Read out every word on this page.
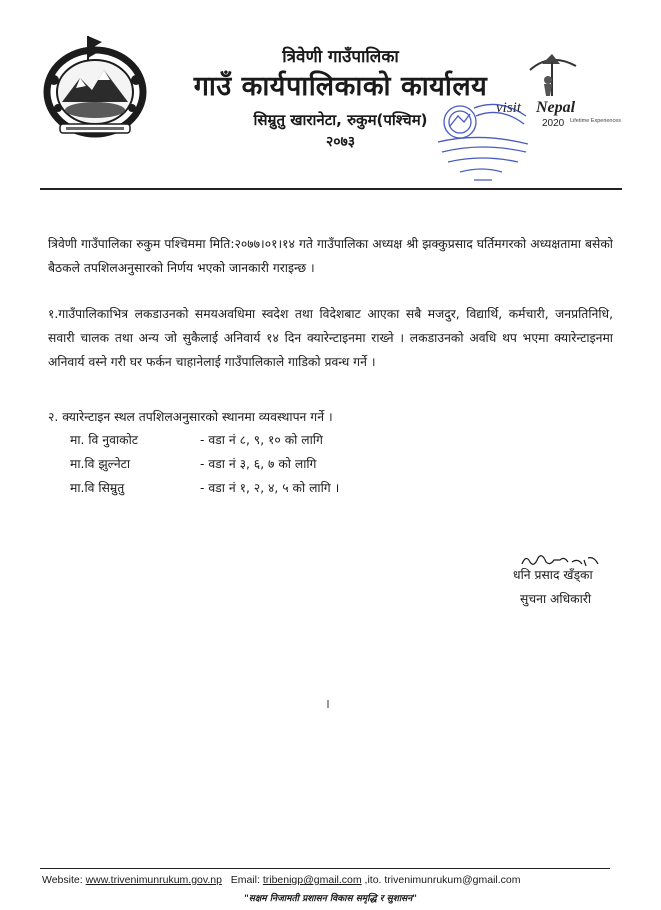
त्रिवेणी गाउँपालिका
गाउँ कार्यपालिकाको कार्यालय
सिम्रुतु खारानेटा, रुकुम(पश्चिम)
२०७३
visit Nepal
2020 Lifetime Experiences
त्रिवेणी गाउँपालिका रुकुम पश्चिममा मिति:२०७७।०१।१४ गते गाउँपालिका अध्यक्ष श्री झक्कुप्रसाद घर्तिमगरको अध्यक्षतामा बसेको बैठकले तपशिलअनुसारको निर्णय भएको जानकारी गराइन्छ ।
१.गाउँपालिकाभित्र लकडाउनको समयअवधिमा स्वदेश तथा विदेशबाट आएका सबै मजदुर, विद्यार्थि, कर्मचारी, जनप्रतिनिधि, सवारी चालक तथा अन्य जो सुकैलाई अनिवार्य १४ दिन क्यारेन्टाइनमा राख्ने । लकडाउनको अवधि थप भएमा क्यारेन्टाइनमा अनिवार्य वस्ने गरी घर फर्कन चाहानेलाई गाउँपालिकाले गाडिको प्रवन्ध गर्ने ।
२. क्यारेन्टाइन स्थल तपशिलअनुसारको स्थानमा व्यवस्थापन गर्ने ।
मा. वि नुवाकोट	- वडा नं ८, ९, १० को लागि
मा.वि झुल्नेटा	- वडा नं ३, ६, ७ को लागि
मा.वि सिम्रुतु	- वडा नं १, २, ४, ५ को लागि ।
धनि प्रसाद खँड्का
सुचना अधिकारी
Website: www.trivenimunrukum.gov.np Email: tribenigp@gmail.com ,ito. trivenimunrukum@gmail.com
"सक्षम निजामती प्रशासन विकास समृद्धि र सुशासन"
